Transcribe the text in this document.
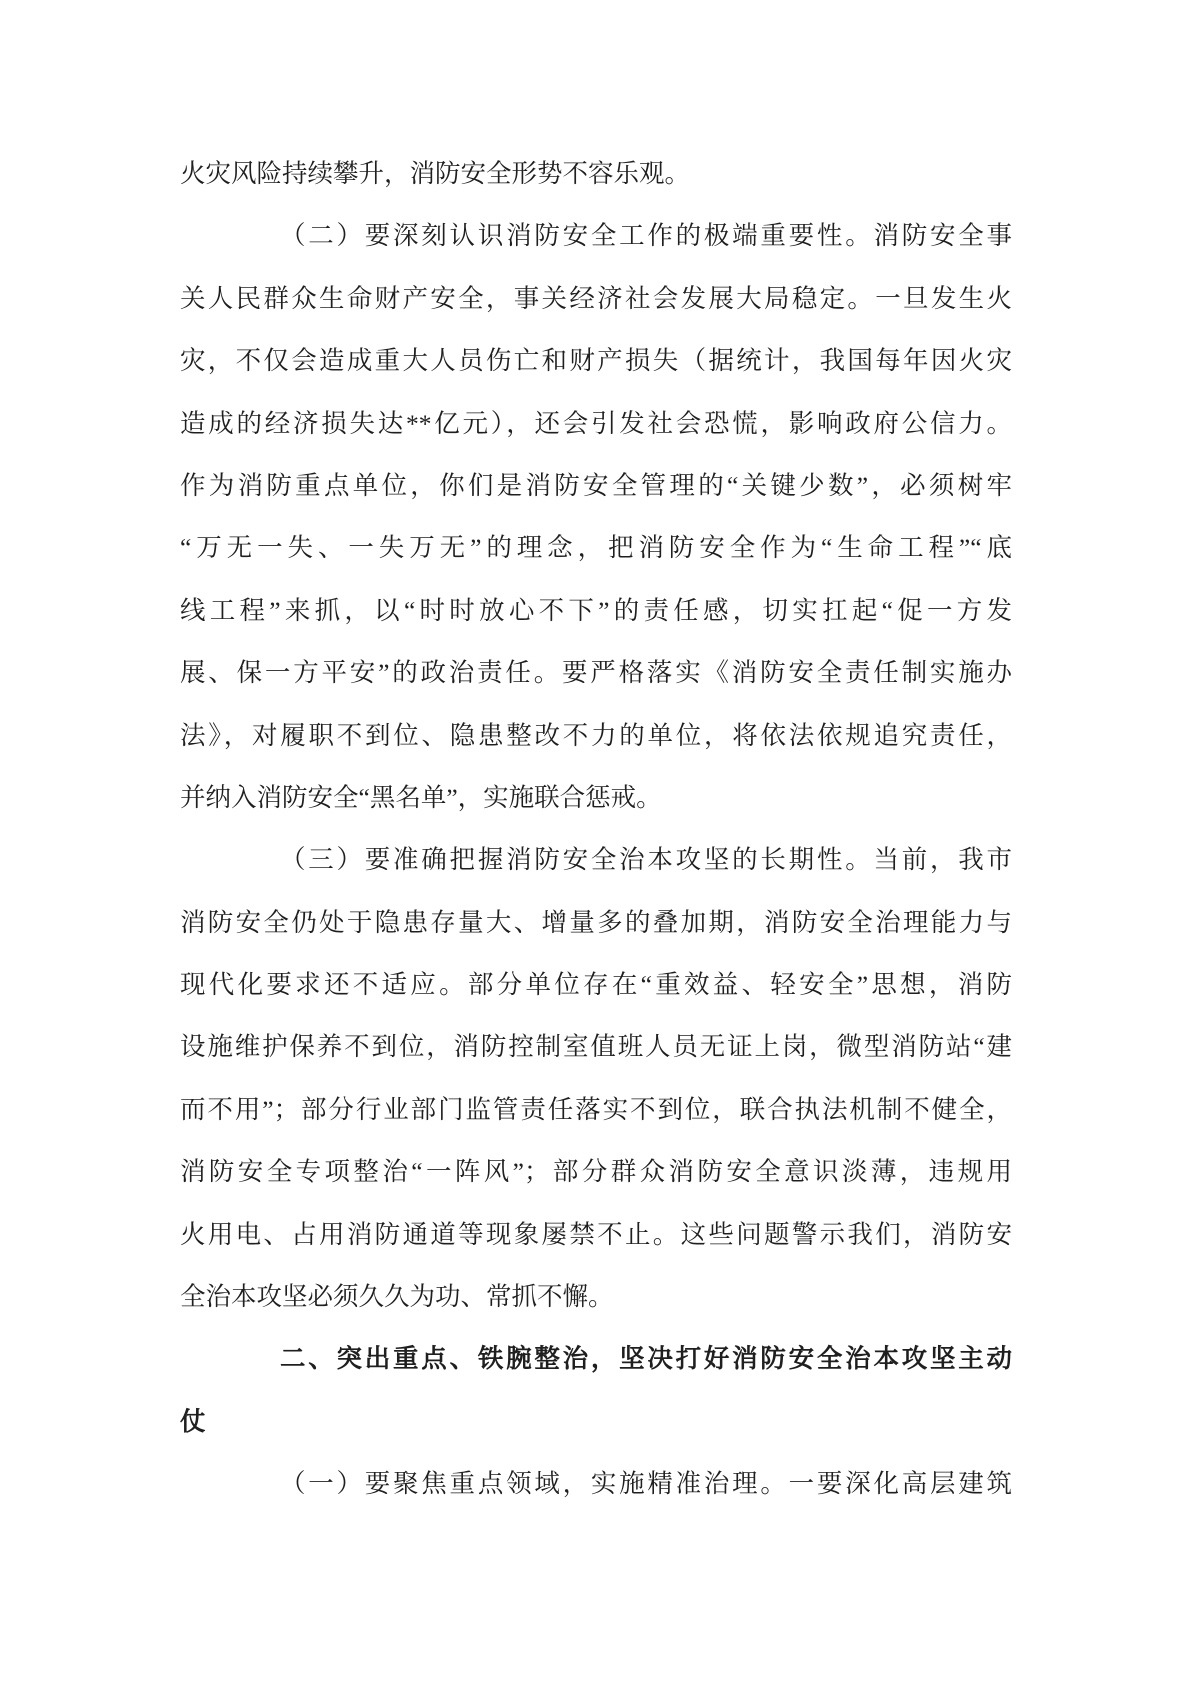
火灾风险持续攀升，消防安全形势不容乐观。

（二）要深刻认识消防安全工作的极端重要性。消防安全事

关人民群众生命财产安全，事关经济社会发展大局稳定。一旦发生火

灾，不仅会造成重大人员伤亡和财产损失（据统计，我国每年因火灾

造成的经济损失达**亿元），还会引发社会恐慌，影响政府公信力。

作为消防重点单位，你们是消防安全管理的“关键少数”，必须树牢

“万无一失、一失万无”的理念，把消防安全作为“生命工程”“底

线工程”来抓，以“时时放心不下”的责任感，切实扛起“促一方发

展、保一方平安”的政治责任。要严格落实《消防安全责任制实施办

法》，对履职不到位、隐患整改不力的单位，将依法依规追究责任，

并纳入消防安全“黑名单”，实施联合惩戒。

（三）要准确把握消防安全治本攻坚的长期性。当前，我市

消防安全仍处于隐患存量大、增量多的叠加期，消防安全治理能力与

现代化要求还不适应。部分单位存在“重效益、轻安全”思想，消防

设施维护保养不到位，消防控制室值班人员无证上岗，微型消防站“建

而不用”；部分行业部门监管责任落实不到位，联合执法机制不健全，

消防安全专项整治“一阵风”；部分群众消防安全意识淡薄，违规用

火用电、占用消防通道等现象屡禁不止。这些问题警示我们，消防安

全治本攻坚必须久久为功、常抓不懈。

二、突出重点、铁腕整治，坚决打好消防安全治本攻坚主动

仗

（一）要聚焦重点领域，实施精准治理。一要深化高层建筑
